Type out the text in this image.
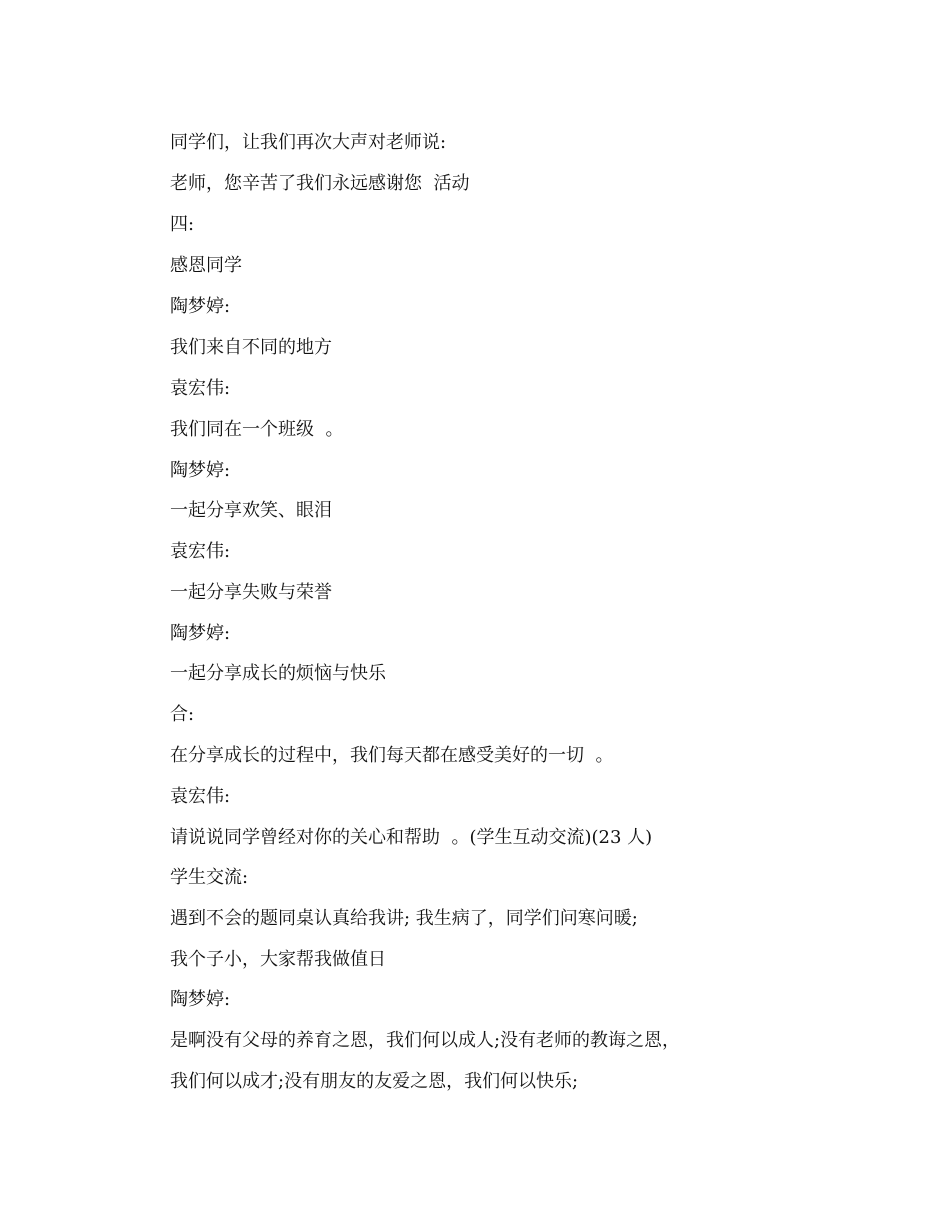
同学们，让我们再次大声对老师说:
老师，您辛苦了我们永远感谢您  活动
四:
感恩同学
陶梦婷:
我们来自不同的地方
袁宏伟:
我们同在一个班级  。
陶梦婷:
一起分享欢笑、眼泪
袁宏伟:
一起分享失败与荣誉
陶梦婷:
一起分享成长的烦恼与快乐
合:
在分享成长的过程中，我们每天都在感受美好的一切  。
袁宏伟:
请说说同学曾经对你的关心和帮助  。(学生互动交流)(23 人)
学生交流:
遇到不会的题同桌认真给我讲; 我生病了，同学们问寒问暖;
我个子小，大家帮我做值日
陶梦婷:
是啊没有父母的养育之恩，我们何以成人;没有老师的教诲之恩，
我们何以成才;没有朋友的友爱之恩，我们何以快乐;
